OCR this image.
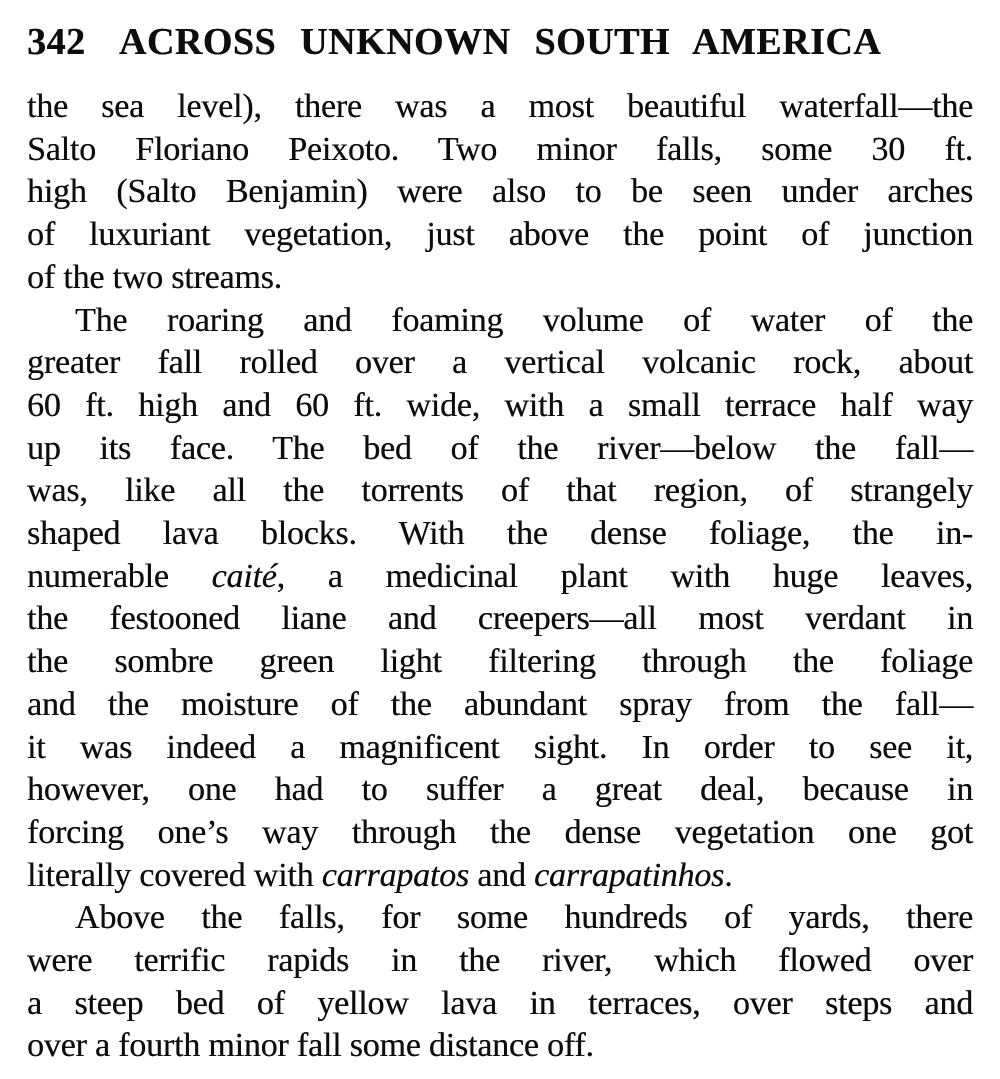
342 ACROSS UNKNOWN SOUTH AMERICA
the sea level), there was a most beautiful waterfall—the
Salto Floriano Peixoto. Two minor falls, some 30 ft.
high (Salto Benjamin) were also to be seen under arches
of luxuriant vegetation, just above the point of junction
of the two streams.
The roaring and foaming volume of water of the
greater fall rolled over a vertical volcanic rock, about
60 ft. high and 60 ft. wide, with a small terrace half way
up its face. The bed of the river—below the fall—
was, like all the torrents of that region, of strangely
shaped lava blocks. With the dense foliage, the in-
numerable caité, a medicinal plant with huge leaves,
the festooned liane and creepers—all most verdant in
the sombre green light filtering through the foliage
and the moisture of the abundant spray from the fall—
it was indeed a magnificent sight. In order to see it,
however, one had to suffer a great deal, because in
forcing one’s way through the dense vegetation one got
literally covered with carrapatos and carrapatinhos.
Above the falls, for some hundreds of yards, there
were terrific rapids in the river, which flowed over
a steep bed of yellow lava in terraces, over steps and
over a fourth minor fall some distance off.
